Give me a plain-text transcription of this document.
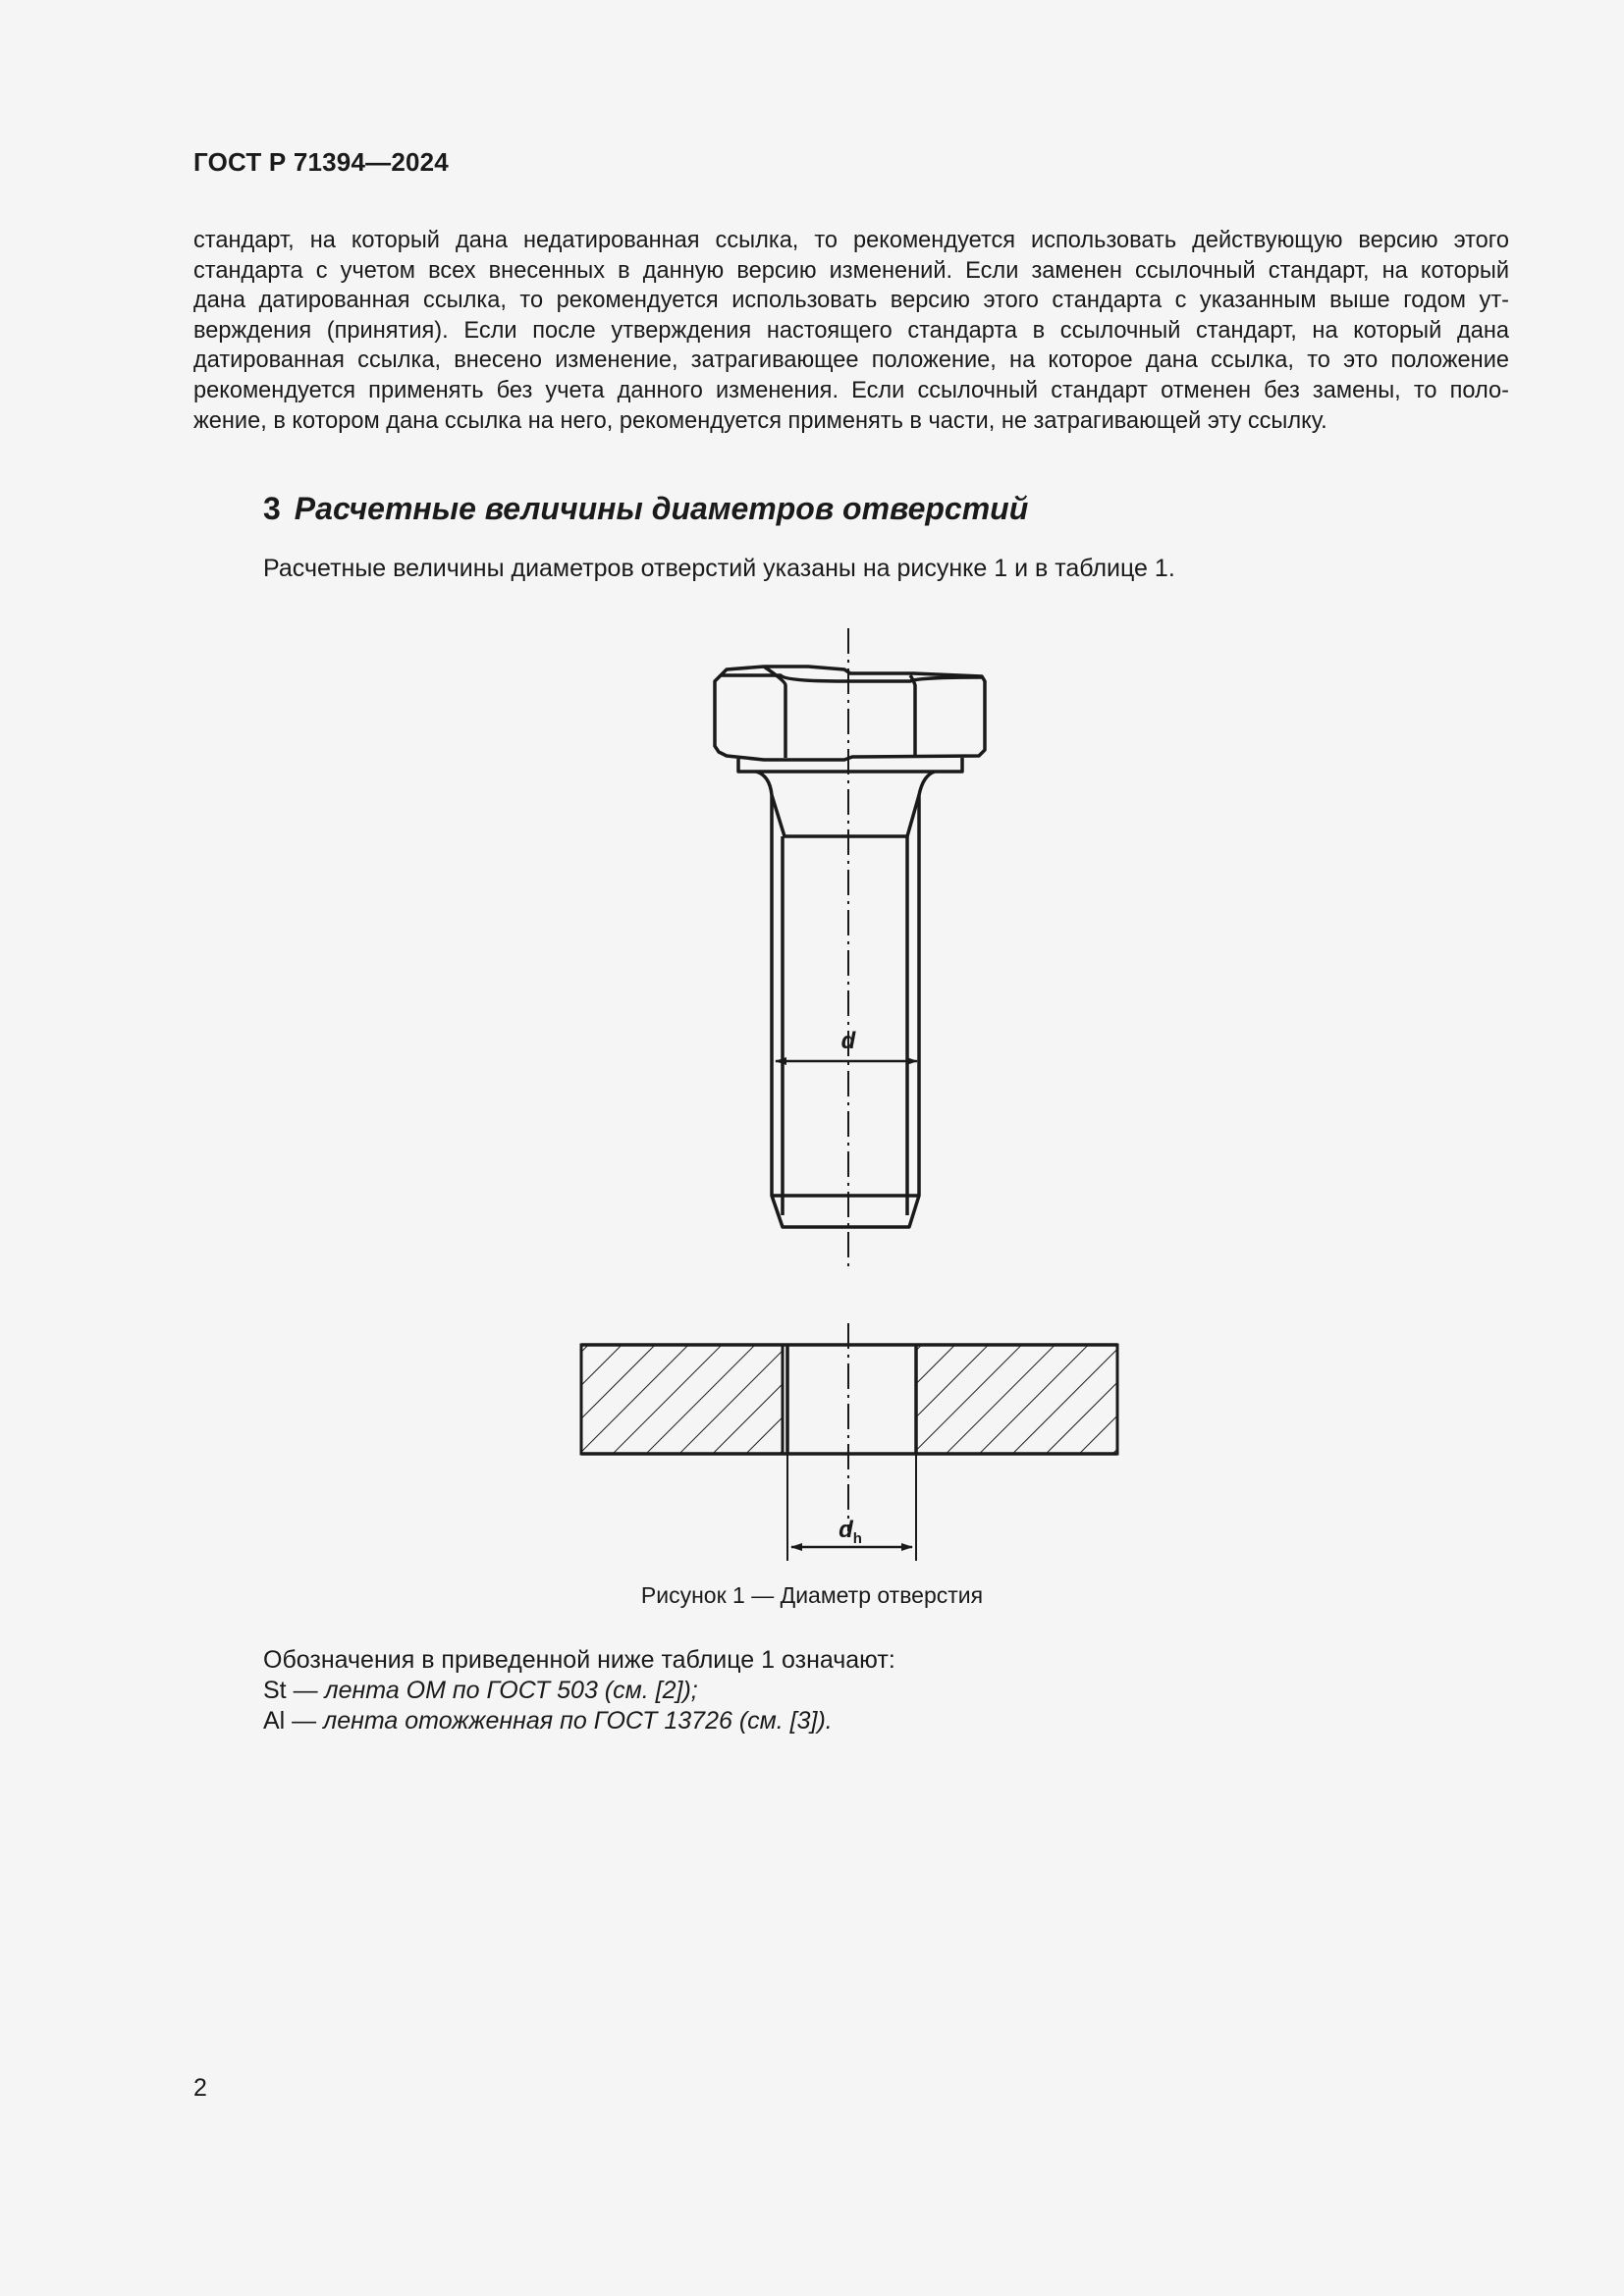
ГОСТ Р 71394—2024
стандарт, на который дана недатированная ссылка, то рекомендуется использовать действующую версию этого
стандарта с учетом всех внесенных в данную версию изменений. Если заменен ссылочный стандарт, на который
дана датированная ссылка, то рекомендуется использовать версию этого стандарта с указанным выше годом ут-
верждения (принятия). Если после утверждения настоящего стандарта в ссылочный стандарт, на который дана
датированная ссылка, внесено изменение, затрагивающее положение, на которое дана ссылка, то это положение
рекомендуется применять без учета данного изменения. Если ссылочный стандарт отменен без замены, то поло-
жение, в котором дана ссылка на него, рекомендуется применять в части, не затрагивающей эту ссылку.
3 Расчетные величины диаметров отверстий
Расчетные величины диаметров отверстий указаны на рисунке 1 и в таблице 1.
d
dh
Рисунок 1 — Диаметр отверстия
Обозначения в приведенной ниже таблице 1 означают:
St — лента ОМ по ГОСТ 503 (см. [2]);
Al — лента отожженная по ГОСТ 13726 (см. [3]).
2
